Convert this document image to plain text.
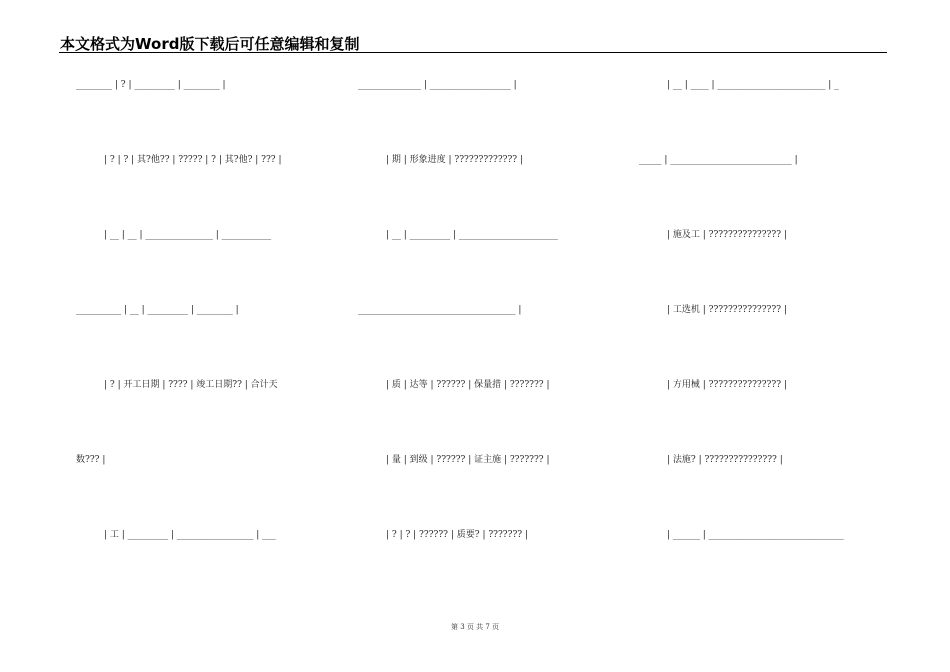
本文格式为Word版下载后可任意编辑和复制
________ | ? | _________ | ________ |	______________ | __________________ |	| __ | ____ | ________________________ | _
| ? | ? | 其?他?? | ????? | ? | 其?他? | ??? |	| 期 | 形象进度 | ????????????? |	_____ | ___________________________ |
| __ | __ | _______________ | ___________	| __ | _________ | ______________________	| 施及工 | ??????????????? |
__________ | __ | _________ | ________ |	___________________________________ |	| 工选机 | ??????????????? |
| ? | 开工日期 | ???? | 竣工日期?? | 合计天	| 质 | 达等 | ?????? | 保量措 | ??????? |	| 方用械 | ??????????????? |
数??? |	| 量 | 到级 | ?????? | 证主施 | ??????? |	| 法施? | ??????????????? |
| 工 | _________ | _________________ | ___	| ? | ? | ?????? | 质要? | ??????? |	| ______ | ______________________________
第 3 页 共 7 页
